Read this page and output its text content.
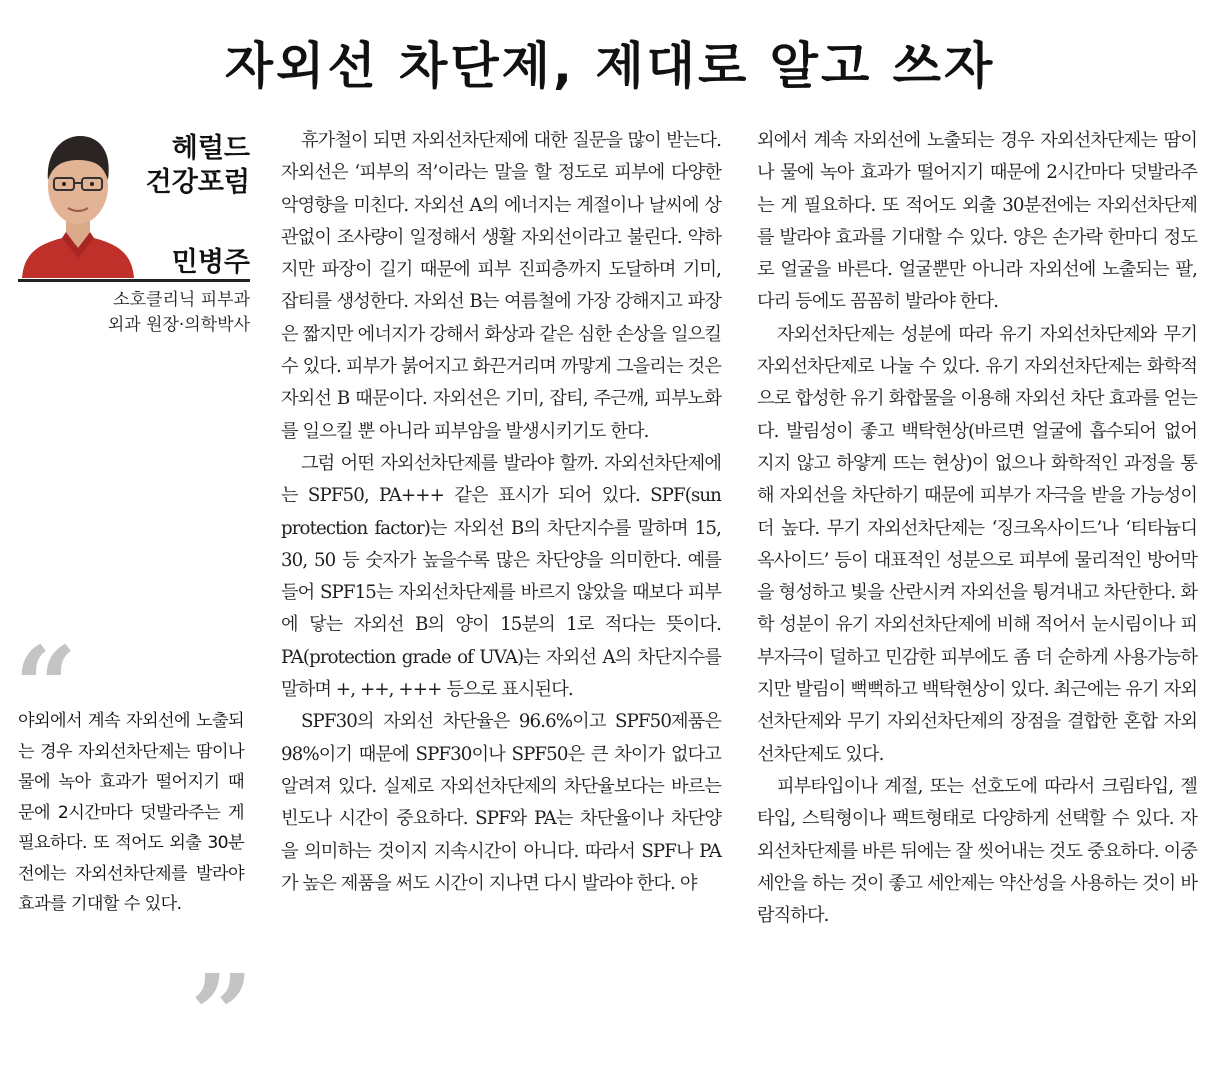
자외선 차단제, 제대로 알고 쓰자
헤럴드
건강포럼
민병주
소호클리닉 피부과
외과 원장·의학박사
“
야외에서 계속 자외선에 노출되는 경우 자외선차단제는 땀이나 물에 녹아 효과가 떨어지기 때문에 2시간마다 덧발라주는 게 필요하다. 또 적어도 외출 30분전에는 자외선차단제를 발라야 효과를 기대할 수 있다.
”

휴가철이 되면 자외선차단제에 대한 질문을 많이 받는다. 자외선은 ‘피부의 적’이라는 말을 할 정도로 피부에 다양한 악영향을 미친다. 자외선 A의 에너지는 계절이나 날씨에 상관없이 조사량이 일정해서 생활 자외선이라고 불린다. 약하지만 파장이 길기 때문에 피부 진피층까지 도달하며 기미, 잡티를 생성한다. 자외선 B는 여름철에 가장 강해지고 파장은 짧지만 에너지가 강해서 화상과 같은 심한 손상을 일으킬 수 있다. 피부가 붉어지고 화끈거리며 까맣게 그을리는 것은 자외선 B 때문이다. 자외선은 기미, 잡티, 주근깨, 피부노화를 일으킬 뿐 아니라 피부암을 발생시키기도 한다.

그럼 어떤 자외선차단제를 발라야 할까. 자외선차단제에는 SPF50, PA+++ 같은 표시가 되어 있다. SPF(sun protection factor)는 자외선 B의 차단지수를 말하며 15, 30, 50 등 숫자가 높을수록 많은 차단양을 의미한다. 예를 들어 SPF15는 자외선차단제를 바르지 않았을 때보다 피부에 닿는 자외선 B의 양이 15분의 1로 적다는 뜻이다. PA(protection grade of UVA)는 자외선 A의 차단지수를 말하며 +, ++, +++ 등으로 표시된다.

SPF30의 자외선 차단율은 96.6%이고 SPF50제품은 98%이기 때문에 SPF30이나 SPF50은 큰 차이가 없다고 알려져 있다. 실제로 자외선차단제의 차단율보다는 바르는 빈도나 시간이 중요하다. SPF와 PA는 차단율이나 차단양을 의미하는 것이지 지속시간이 아니다. 따라서 SPF나 PA가 높은 제품을 써도 시간이 지나면 다시 발라야 한다. 야

외에서 계속 자외선에 노출되는 경우 자외선차단제는 땀이나 물에 녹아 효과가 떨어지기 때문에 2시간마다 덧발라주는 게 필요하다. 또 적어도 외출 30분전에는 자외선차단제를 발라야 효과를 기대할 수 있다. 양은 손가락 한마디 정도로 얼굴을 바른다. 얼굴뿐만 아니라 자외선에 노출되는 팔, 다리 등에도 꼼꼼히 발라야 한다.

자외선차단제는 성분에 따라 유기 자외선차단제와 무기 자외선차단제로 나눌 수 있다. 유기 자외선차단제는 화학적으로 합성한 유기 화합물을 이용해 자외선 차단 효과를 얻는다. 발림성이 좋고 백탁현상(바르면 얼굴에 흡수되어 없어지지 않고 하얗게 뜨는 현상)이 없으나 화학적인 과정을 통해 자외선을 차단하기 때문에 피부가 자극을 받을 가능성이 더 높다. 무기 자외선차단제는 ‘징크옥사이드’나 ‘티타늄디옥사이드’ 등이 대표적인 성분으로 피부에 물리적인 방어막을 형성하고 빛을 산란시켜 자외선을 튕겨내고 차단한다. 화학 성분이 유기 자외선차단제에 비해 적어서 눈시림이나 피부자극이 덜하고 민감한 피부에도 좀 더 순하게 사용가능하지만 발림이 뻑뻑하고 백탁현상이 있다. 최근에는 유기 자외선차단제와 무기 자외선차단제의 장점을 결합한 혼합 자외선차단제도 있다.

피부타입이나 계절, 또는 선호도에 따라서 크림타입, 젤타입, 스틱형이나 팩트형태로 다양하게 선택할 수 있다. 자외선차단제를 바른 뒤에는 잘 씻어내는 것도 중요하다. 이중세안을 하는 것이 좋고 세안제는 약산성을 사용하는 것이 바람직하다.
